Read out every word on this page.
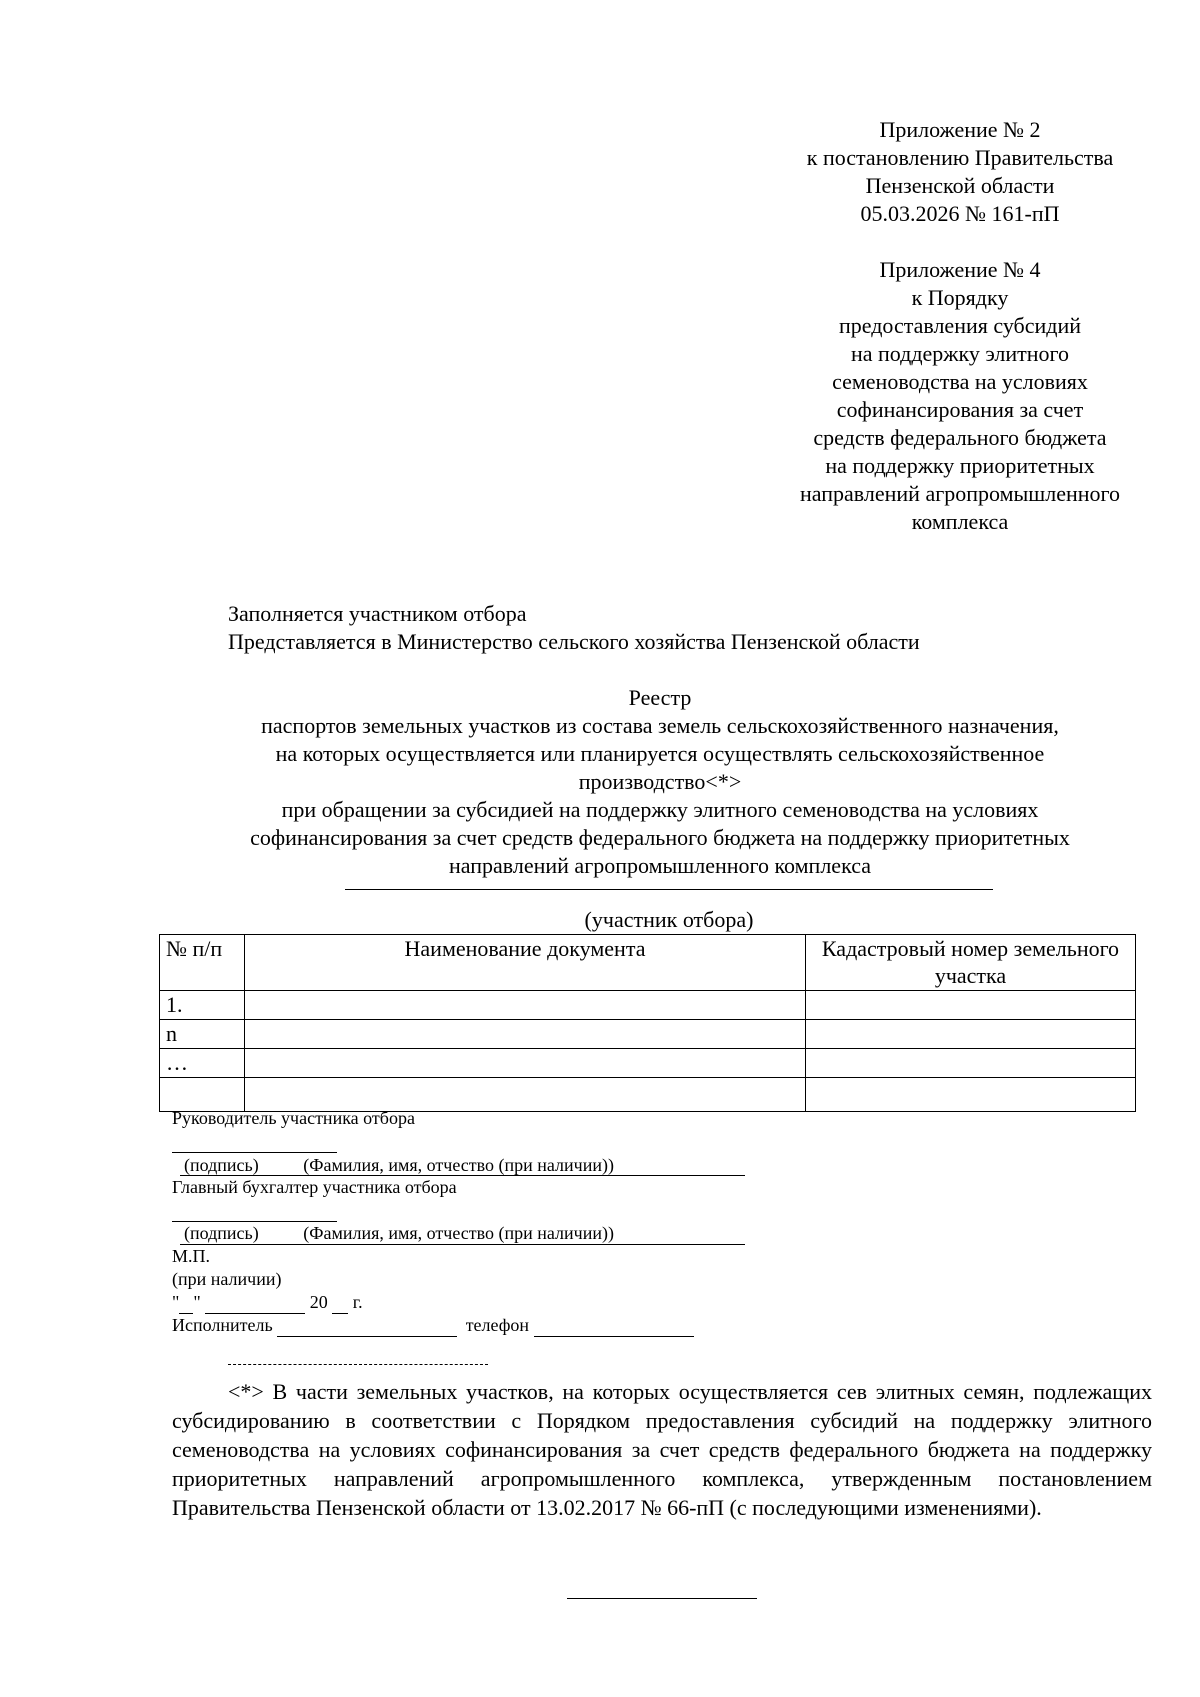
Приложение № 2
к постановлению Правительства
Пензенской области
05.03.2026 № 161-пП
Приложение № 4
к Порядку
предоставления субсидий
на поддержку элитного
семеноводства на условиях
софинансирования за счет
средств федерального бюджета
на поддержку приоритетных
направлений агропромышленного
комплекса
Заполняется участником отбора
Представляется в Министерство сельского хозяйства Пензенской области
Реестр
паспортов земельных участков из состава земель сельскохозяйственного назначения,
на которых осуществляется или планируется осуществлять сельскохозяйственное
производство<*>
при обращении за субсидией на поддержку элитного семеноводства на условиях
софинансирования за счет средств федерального бюджета на поддержку приоритетных
направлений агропромышленного комплекса
(участник отбора)
№ п/п	Наименование документа	Кадастровый номер земельного участка
1.		
n		
…		

Руководитель участника отбора

(подпись) (Фамилия, имя, отчество (при наличии))
Главный бухгалтер участника отбора

(подпись) (Фамилия, имя, отчество (при наличии))
М.П.
(при наличии)
" "	20 г.
Исполнитель	телефон
<*> В части земельных участков, на которых осуществляется сев элитных семян, подлежащих субсидированию в соответствии с Порядком предоставления субсидий на поддержку элитного семеноводства на условиях софинансирования за счет средств федерального бюджета на поддержку приоритетных направлений агропромышленного комплекса, утвержденным постановлением Правительства Пензенской области от 13.02.2017 № 66-пП (с последующими изменениями).
